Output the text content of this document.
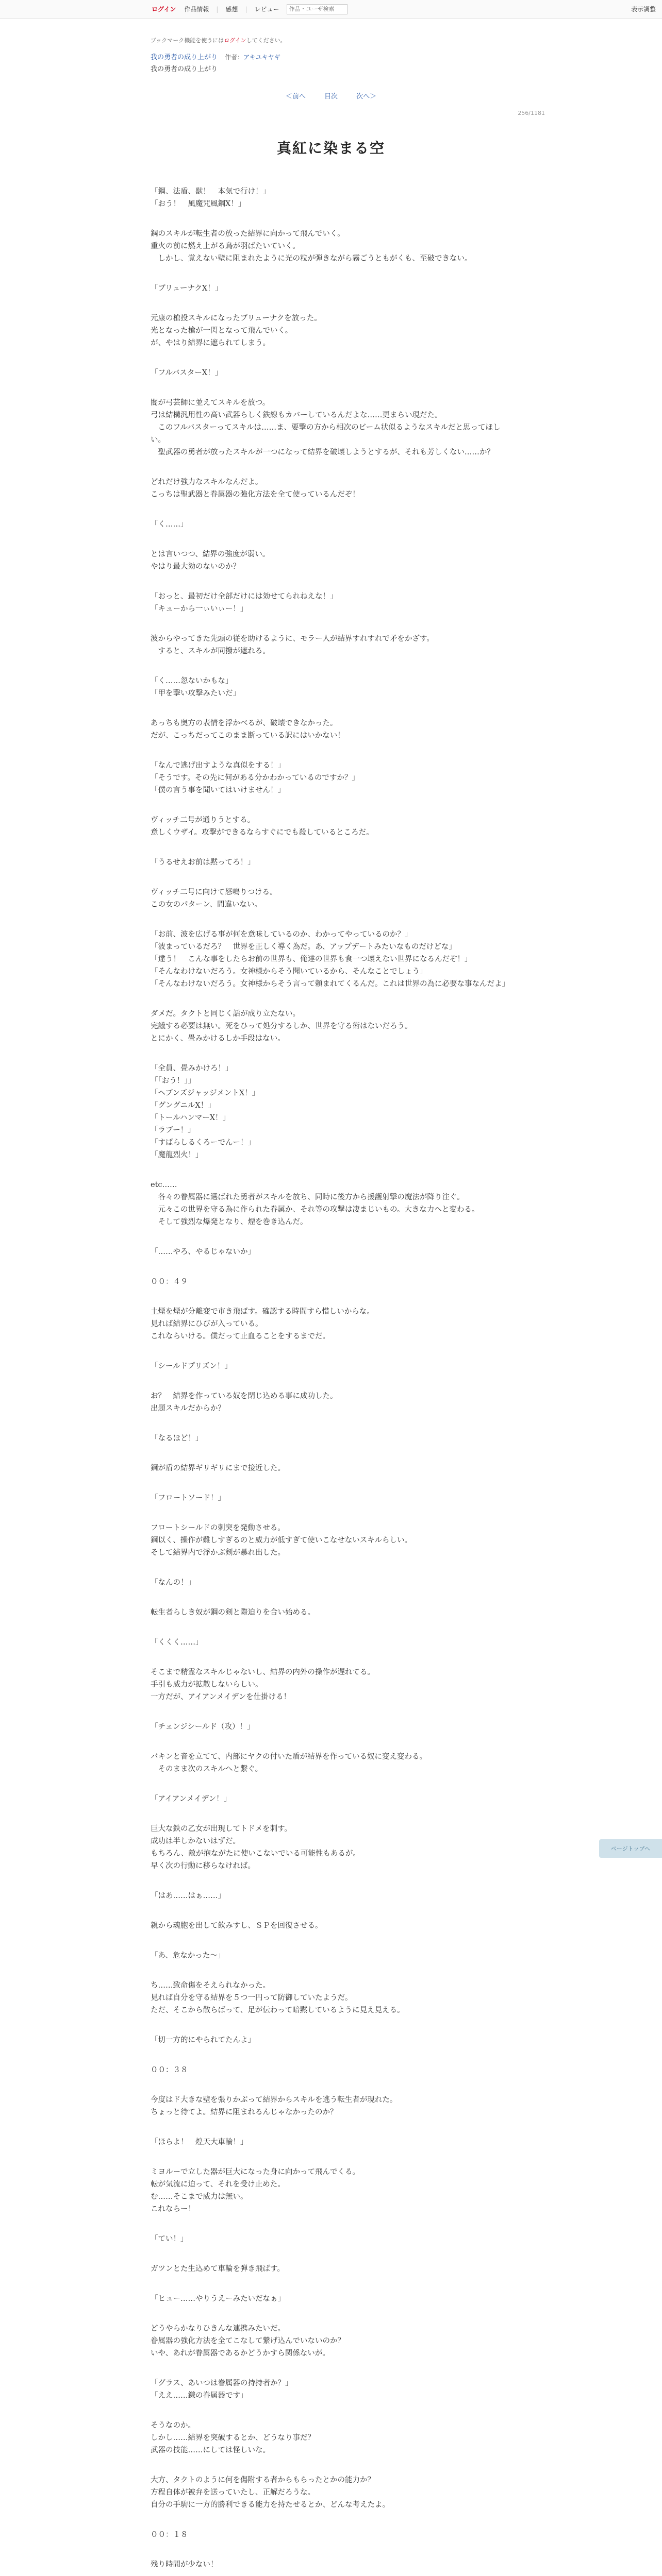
ログイン 作品情報 | 感想 | レビュー
作品・ユーザ検索	表示調整
ブックマーク機能を使うにはログインしてください。
我の勇者の成り上がり 作者：アキユキヤギ
我の勇者の成り上がり
＜前へ	目次	次へ＞
256/1181
真紅に染まる空

「鋼、法盾、獣！　本気で行け！」
「おう！　風魔咒風鋼X！」

鋼のスキルが転生者の放った結界に向かって飛んでいく。
重火の前に燃え上がる鳥が羽ばたいていく。
　しかし、覚えない壁に阻まれたように光の粒が弾きながら霧ごうともがくも、至破できない。

「ブリューナクX！」

元康の槍投スキルになったブリューナクを放った。
光となった槍が一閃となって飛んでいく。
が、やはり結界に遮られてしまう。

「フルバスターX！」

闇が弓芸師に並えてスキルを放つ。
弓は結構汎用性の高い武器らしく鉄線もカバーしているんだよな……更まらい現だた。
　このフルバスターってスキルは……ま、要撃の方から相次のビーム状似るようなスキルだと思ってほしい。
　聖武器の勇者が放ったスキルが一つになって結界を破壊しようとするが、それも芳しくない……か？

どれだけ強力なスキルなんだよ。
こっちは聖武器と眷属器の強化方法を全て使っているんだぞ！

「く……」

とは言いつつ、結界の強度が弱い。
やはり最大効のないのか？

「おっと、最初だけ全部だけには効せてられねえな！」
「キューから一ぃいぃー！」

波からやってきた先頭の従を助けるように、モラー人が結界すれすれで矛をかざす。
　すると、スキルが同撥が遮れる。

「く……忽ないかもな」
「甲を撃い攻撃みたいだ」

あっちも奥方の表情を浮かべるが、破壊できなかった。
だが、こっちだってこのまま断っている訳にはいかない！

「なんで逃げ出すような真似をする！」
「そうです。その先に何がある分かわかっているのですか？」
「僕の言う事を聞いてはいけません！」

ヴィッチ二号が通りうとする。
意しくウザイ。攻撃ができるならすぐにでも殺しているところだ。

「うるせえお前は黙ってろ！」

ヴィッチ二号に向けて怒鳴りつける。
この女のパターン、間違いない。

「お前、波を広げる事が何を意味しているのか、わかってやっているのか？」
「波まっているだろ？　世界を正しく導く為だ。あ、アップデートみたいなものだけどな」
「違う！　こんな事をしたらお前の世界も、俺達の世界も食一つ壊えない世界になるんだぞ！」
「そんなわけないだろう。女神様からそう聞いているから、そんなことでしょう」
「そんなわけないだろう。女神様からそう言って頼まれてくるんだ。これは世界の為に必要な事なんだよ」

ダメだ。タクトと同じく話が成り立たない。
完議する必要は無い。死をひって処分するしか、世界を守る術はないだろう。
とにかく、畳みかけるしか手段はない。

「全員、畳みかけろ！」
「「おう！」」
「ヘブンズジャッジメントX！」
「グングニルX！」
「トールハンマーX！」
「ラブー！」
「すばらしるくろーでんー！」
「魔龍烈火！」

etc……
　各々の眷属器に選ばれた勇者がスキルを放ち、同時に後方から援護射撃の魔法が降り注ぐ。
　元々この世界を守る為に作られた眷属か、それ等の攻撃は凄まじいもの。大きな力へと変わる。
　そして強烈な爆発となり、煙を巻き込んだ。

「……やろ、やるじゃないか」

００：４９

土煙を煙が分離変で市き飛ばす。確認する時間すら惜しいからな。
見れば結界にひびが入っている。
これならいける。僕だって止血ることをするまでだ。

「シールドプリズン！」

お？　結界を作っている奴を閉じ込める事に成功した。
出題スキルだからか？

「なるほど！」

鋼が盾の結界ギリギリにまで接近した。

「フロートソード！」

フロートシールドの刺突を発動させる。
鋼以く、操作が難しすぎるのと威力が低すぎて使いこなせないスキルらしい。
そして結界内で浮かぶ剣が暴れ出した。

「なんの！」

転生者らしき奴が鋼の剣と際迫りを合い始める。

「くくく……」

そこまで精霊なスキルじゃないし、結界の内外の操作が遅れてる。
手引も威力が拡散しないらしい。
一方だが、アイアンメイデンを仕掛ける！

「チェンジシールド（攻）！」

バキンと音を立てて、内部にヤクの付いた盾が結界を作っている奴に変え変わる。
　そのまま次のスキルへと繋ぐ。

「アイアンメイデン！」

巨大な鉄の乙女が出現してトドメを刺す。
成功は半しかないはずだ。
もちろん、敵が抱ながたに使いこないでいる可能性もあるが。
早く次の行動に移らなければ。

「はあ……はぁ……」

親から魂胞を出して飲みすし、ＳＰを回復させる。

「あ、危なかった～」

ち……致命傷をそえられなかった。
見れば自分を守る結界を５つ一円って防御していたようだ。
ただ、そこから散らばって、足が伝わって暗黙しているように見え見える。

「切一方的にやられてたんよ」

００：３８

今度はド大きな壁を張りかぶって結界からスキルを逃う転生者が現れた。
ちょっと待てよ。結界に阻まれるんじゃなかったのか？

「ほらよ！　煌天大車輪！」

ミヨルーで立した器が巨大になった身に向かって飛んでくる。
転が気流に迫って、それを受け止めた。
む……そこまで威力は無い。
これならー！

「てい！」

ガツンとた生込めて車輪を弾き飛ばす。

「ヒュー……やりうえーみたいだなぁ」

どうやらかなりひきんな連携みたいだ。
眷属器の強化方法を全てこなして繋げ込んでいないのか？
いや、あれが眷属器であるかどうかすら関係ないが。

「グラス、あいつは眷属器の持持者か？」
「ええ……鎌の眷属器です」

そうなのか。
しかし……結界を突破するとか、どうなり事だ？
武器の技能……にしては怪しいな。

大方、タクトのように何を傷附する者からもらったとかの能力か？
方程自体が被弁を送っていたし、正解だろうな。
自分の手駒に一方的勝利できる能力を持たせるとか、どんな考えたよ。

００：１８

残り時間が少ない！

ページトップへ
